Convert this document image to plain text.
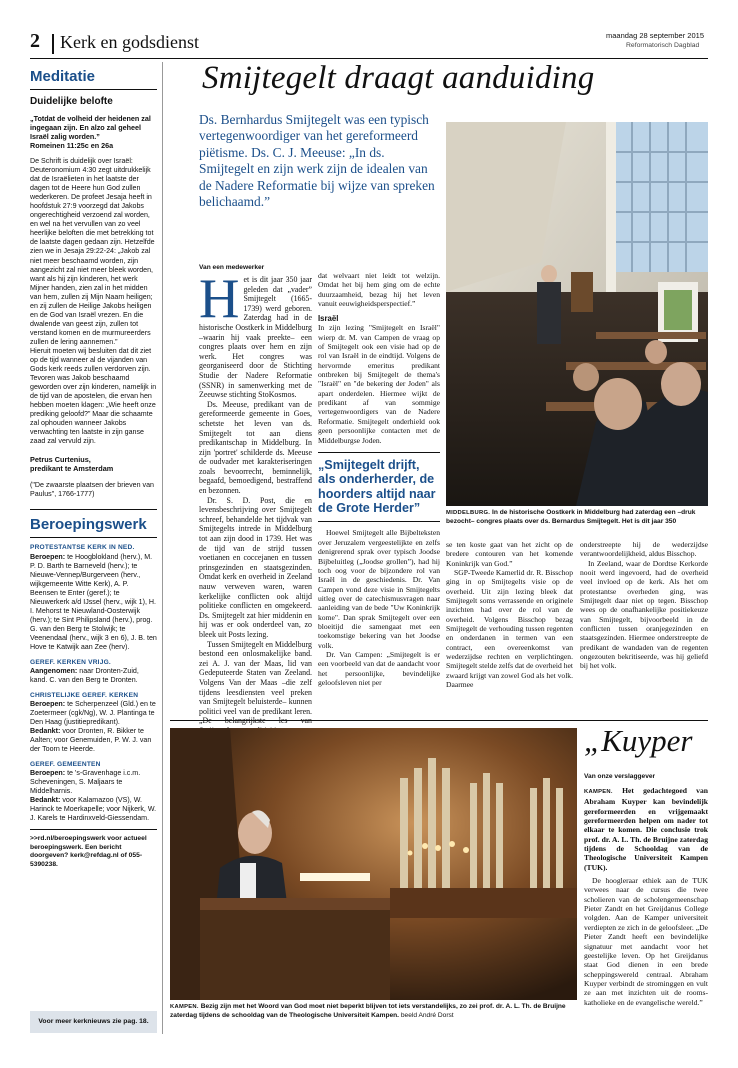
2 Kerk en godsdienst	maandag 28 september 2015
Reformatorisch Dagblad
Meditatie
Duidelijke belofte
„Totdat de volheid der heidenen zal ingegaan zijn. En alzo zal geheel Israël zalig worden.”
Romeinen 11:25c en 26a
De Schrift is duidelijk over Israël: Deuteronomium 4:30 zegt uitdrukkelijk dat de Israëlieten in het laatste der dagen tot de Heere hun God zullen wederkeren. De profeet Jesaja heeft in hoofdstuk 27:9 voorzegd dat Jakobs ongerechtigheid verzoend zal worden, en wel na het vervullen van zo veel heerlijke beloften die met betrekking tot de laatste dagen gedaan zijn. Hetzelfde zien we in Jesaja 29:22-24: „Jakob zal niet meer beschaamd worden, zijn aangezicht zal niet meer bleek worden, want als hij zijn kinderen, het werk Mijner handen, zien zal in het midden van hem, zullen zij Mijn Naam heiligen; en zij zullen de Heilige Jakobs heiligen en de God van Israël vrezen. En die dwalende van geest zijn, zullen tot verstand komen en de murmureerders zullen de lering aannemen.”
Hieruit moeten wij besluiten dat dit ziet op de tijd wanneer al de vijanden van Gods kerk reeds zullen verdorven zijn. Tevoren was Jakob beschaamd geworden over zijn kinderen, namelijk in de tijd van de apostelen, die ervan hen hebben moeten klagen: „Wie heeft onze prediking geloofd?” Maar die schaamte zal ophouden wanneer Jakobs verwachting ten laatste in zijn ganse zaad zal vervuld zijn.
Petrus Curtenius,
predikant te Amsterdam
("De zwaarste plaatsen der brieven van Paulus", 1766-1777)
Beroepingswerk
PROTESTANTSE KERK IN NED.
Beroepen: te Hoogblokland (herv.), M. P. D. Barth te Barneveld (herv.); te Nieuwe-Vennep/Burgerveen (herv., wijkgemeente Witte Kerk), A. P. Beensen te Enter (geref.); te Nieuwerkerk a/d IJssel (herv., wijk 1), H. I. Mehorst te Nieuwland-Oosterwijk (herv.); te Sint Philipsland (herv.), prog. G. van den Berg te Stolwijk; te Veenendaal (herv., wijk 3 en 6), J. B. ten Hove te Katwijk aan Zee (herv).
GEREF. KERKEN VRIJG.
Aangenomen: naar Dronten-Zuid, kand. C. van den Berg te Dronten.
CHRISTELIJKE GEREF. KERKEN
Beroepen: te Scherpenzeel (Gld.) en te Zoetermeer (cgk/Ng), W. J. Plantinga te Den Haag (justitiepredikant).
Bedankt: voor Dronten, R. Bikker te Aalten; voor Genemuiden, P. W. J. van der Toorn te Heerde.
GEREF. GEMEENTEN
Beroepen: te 's-Gravenhage i.c.m. Scheveningen, S. Maljaars te Middelharnis.
Bedankt: voor Kalamazoo (VS), W. Harinck te Moerkapelle; voor Nijkerk, W. J. Karels te Hardinxveld-Giessendam.
>>rd.nl/beroepingswerk voor actueel beroepingswerk. Een bericht doorgeven? kerk@refdag.nl of 055-5390238.
Voor meer kerknieuws zie pag. 18.
Smijtegelt draagt aanduiding
Ds. Bernhardus Smijtegelt was een typisch vertegenwoordiger van het gereformeerd piëtisme. Ds. C. J. Meeuse: „In ds. Smijtegelt en zijn werk zijn de idealen van de Nadere Reformatie bij wijze van spreken belichaamd.”
MIDDELBURG. In de historische Oostkerk in Middelburg had zaterdag een –druk bezocht– congres plaats over ds. Bernardus Smijtegelt. Het is dit jaar 350
Van een medewerker
H et is dit jaar 350 jaar geleden dat „vader” Smijtegelt (1665-1739) werd geboren. Zaterdag had in de historische Oostkerk in Middelburg –waarin hij vaak preekte– een congres plaats over hem en zijn werk. Het congres was georganiseerd door de Stichting Studie der Nadere Reformatie (SSNR) in samenwerking met de Zeeuwse stichting StoKosmos.

Ds. Meeuse, predikant van de gereformeerde gemeente in Goes, schetste het leven van ds. Smijtegelt tot aan diens predikantschap in Middelburg. In zijn 'portret' schilderde ds. Meeuse de oudvader met karakteriseringen zoals bevoorrecht, beminnelijk, begaafd, bemoedigend, bestraffend en bezonnen.

Dr. S. D. Post, die en levensbeschrijving over Smijtegelt schreef, behandelde het tijdvak van Smijtegelts intrede in Middelburg tot aan zijn dood in 1739. Het was de tijd van de strijd tussen voetianen en coccejanen en tussen prinsgezinden en staatsgezinden. Omdat kerk en overheid in Zeeland nauw verweven waren, waren kerkelijke conflicten ook altijd politieke conflicten en omgekeerd. Ds. Smijtegelt zat hier middenin en hij was er ook onderdeel van, zo bleek uit Posts lezing.

Tussen Smijtegelt en Middelburg bestond een onlosmakelijke band. zei A. J. van der Maas, lid van Gedeputeerde Staten van Zeeland. Volgens Van der Maas –die zelf tijdens leesdiensten veel preken van Smijtegelt beluisterde– kunnen politici veel van de predikant leren.

dat welvaart niet leidt tot welzijn. Omdat het bij hem ging om de echte duurzaamheid, bezag hij het leven vanuit eeuwigheidsperspectief.”

Israël

In zijn lezing "Smijtegelt en Israël" wierp dr. M. van Campen de vraag op of Smijtegelt ook een visie had op de rol van Israël in de eindtijd. Volgens de hervormde emeritus predikant ontbreken bij Smijtegelt de thema's "Israël" en "de bekering der Joden" als apart onderdelen. Hiermee wijkt de predikant af van sommige vertegenwoordigers van de Nadere Reformatie. Smijtegelt onderhield ook geen persoonlijke contacten met de Middelburgse Joden.

„Smijtegelt drijft, als onderherder, de hoorders altijd naar de Grote Herder”

Hoewel Smijtegelt alle Bijbelteksten over Jeruzalem vergeestelijkte en zelfs denigrerend sprak over typisch Joodse Bijbeluitleg („Joodse grollen”), had hij toch oog voor de bijzondere rol van Israël in de geschiedenis. Dr. Van Campen vond deze visie in Smijtegelts uitleg over de catechismusvragen naar aanleiding van de bede "Uw Koninkrijk kome". Dan sprak Smijtegelt over een bloeitijd die samengaat met een toekomstige bekering van het Joodse volk.

Dr. Van Campen: „Smijtegelt is er een voorbeeld van dat de aandacht voor het persoonlijke, bevindelijke geloofsleven niet per

se ten koste gaat van het zicht op de bredere contouren van het komende Koninkrijk van God.”

SGP-Tweede Kamerlid dr. R. Bisschop ging in op Smijtegelts visie op de overheid. Uit zijn lezing bleek dat Smijtegelt soms verrassende en originele inzichten had over de rol van de overheid. Volgens Bisschop bezag Smijtegelt de verhouding tussen regenten en onderdanen in termen van een contract, een overeenkomst van wederzijdse rechten en verplichtingen. Smijtegelt stelde zelfs dat de overheid het zwaard krijgt van zowel God als het volk. Daarmee

onderstreepte hij de wederzijdse verantwoordelijkheid, aldus Bisschop.

In Zeeland, waar de Dordtse Kerkorde nooit werd ingevoerd, had de overheid veel invloed op de kerk. Als het om protestantse overheden ging, was Smijtegelt daar niet op tegen. Bisschop wees op de onafhankelijke positiekeuze van Smijtegelt, bijvoorbeeld in de conflicten tussen oranjegezinden en staatsgezinden. Hiermee onderstreepte de predikant de wandaden van de regenten ongezouten bekritiseerde, was hij geliefd bij het volk.

KAMPEN. Bezig zijn met het Woord van God moet niet beperkt blijven tot iets verstandelijks, zo zei prof. dr. A. L. Th. de Bruijne zaterdag tijdens de schooldag van de Theologische Universiteit Kampen. beeld André Dorst
„Kuyper
Van onze verslaggever

KAMPEN. Het gedachtegoed van Abraham Kuyper kan bevindelijk gereformeerden en vrijgemaakt gereformeerden helpen om nader tot elkaar te komen. Die conclusie trok prof. dr. A. L. Th. de Bruijne zaterdag tijdens de Schooldag van de Theologische Universiteit Kampen (TUK).

De hoogleraar ethiek aan de TUK verwees naar de cursus die twee scholieren van de scholengemeenschap Pieter Zandt en het Greijdanus College volgden. Aan de Kamper universiteit verdiepten ze zich in de geloofsleer. „De Pieter Zandt heeft een bevindelijke signatuur met aandacht voor het geestelijke leven. Op het Greijdanus staat God dienen in een brede scheppingswereld centraal. Abraham Kuyper verbindt de strominggen en vult ze aan met inzichten uit de rooms-katholieke en de evangelische wereld.”
